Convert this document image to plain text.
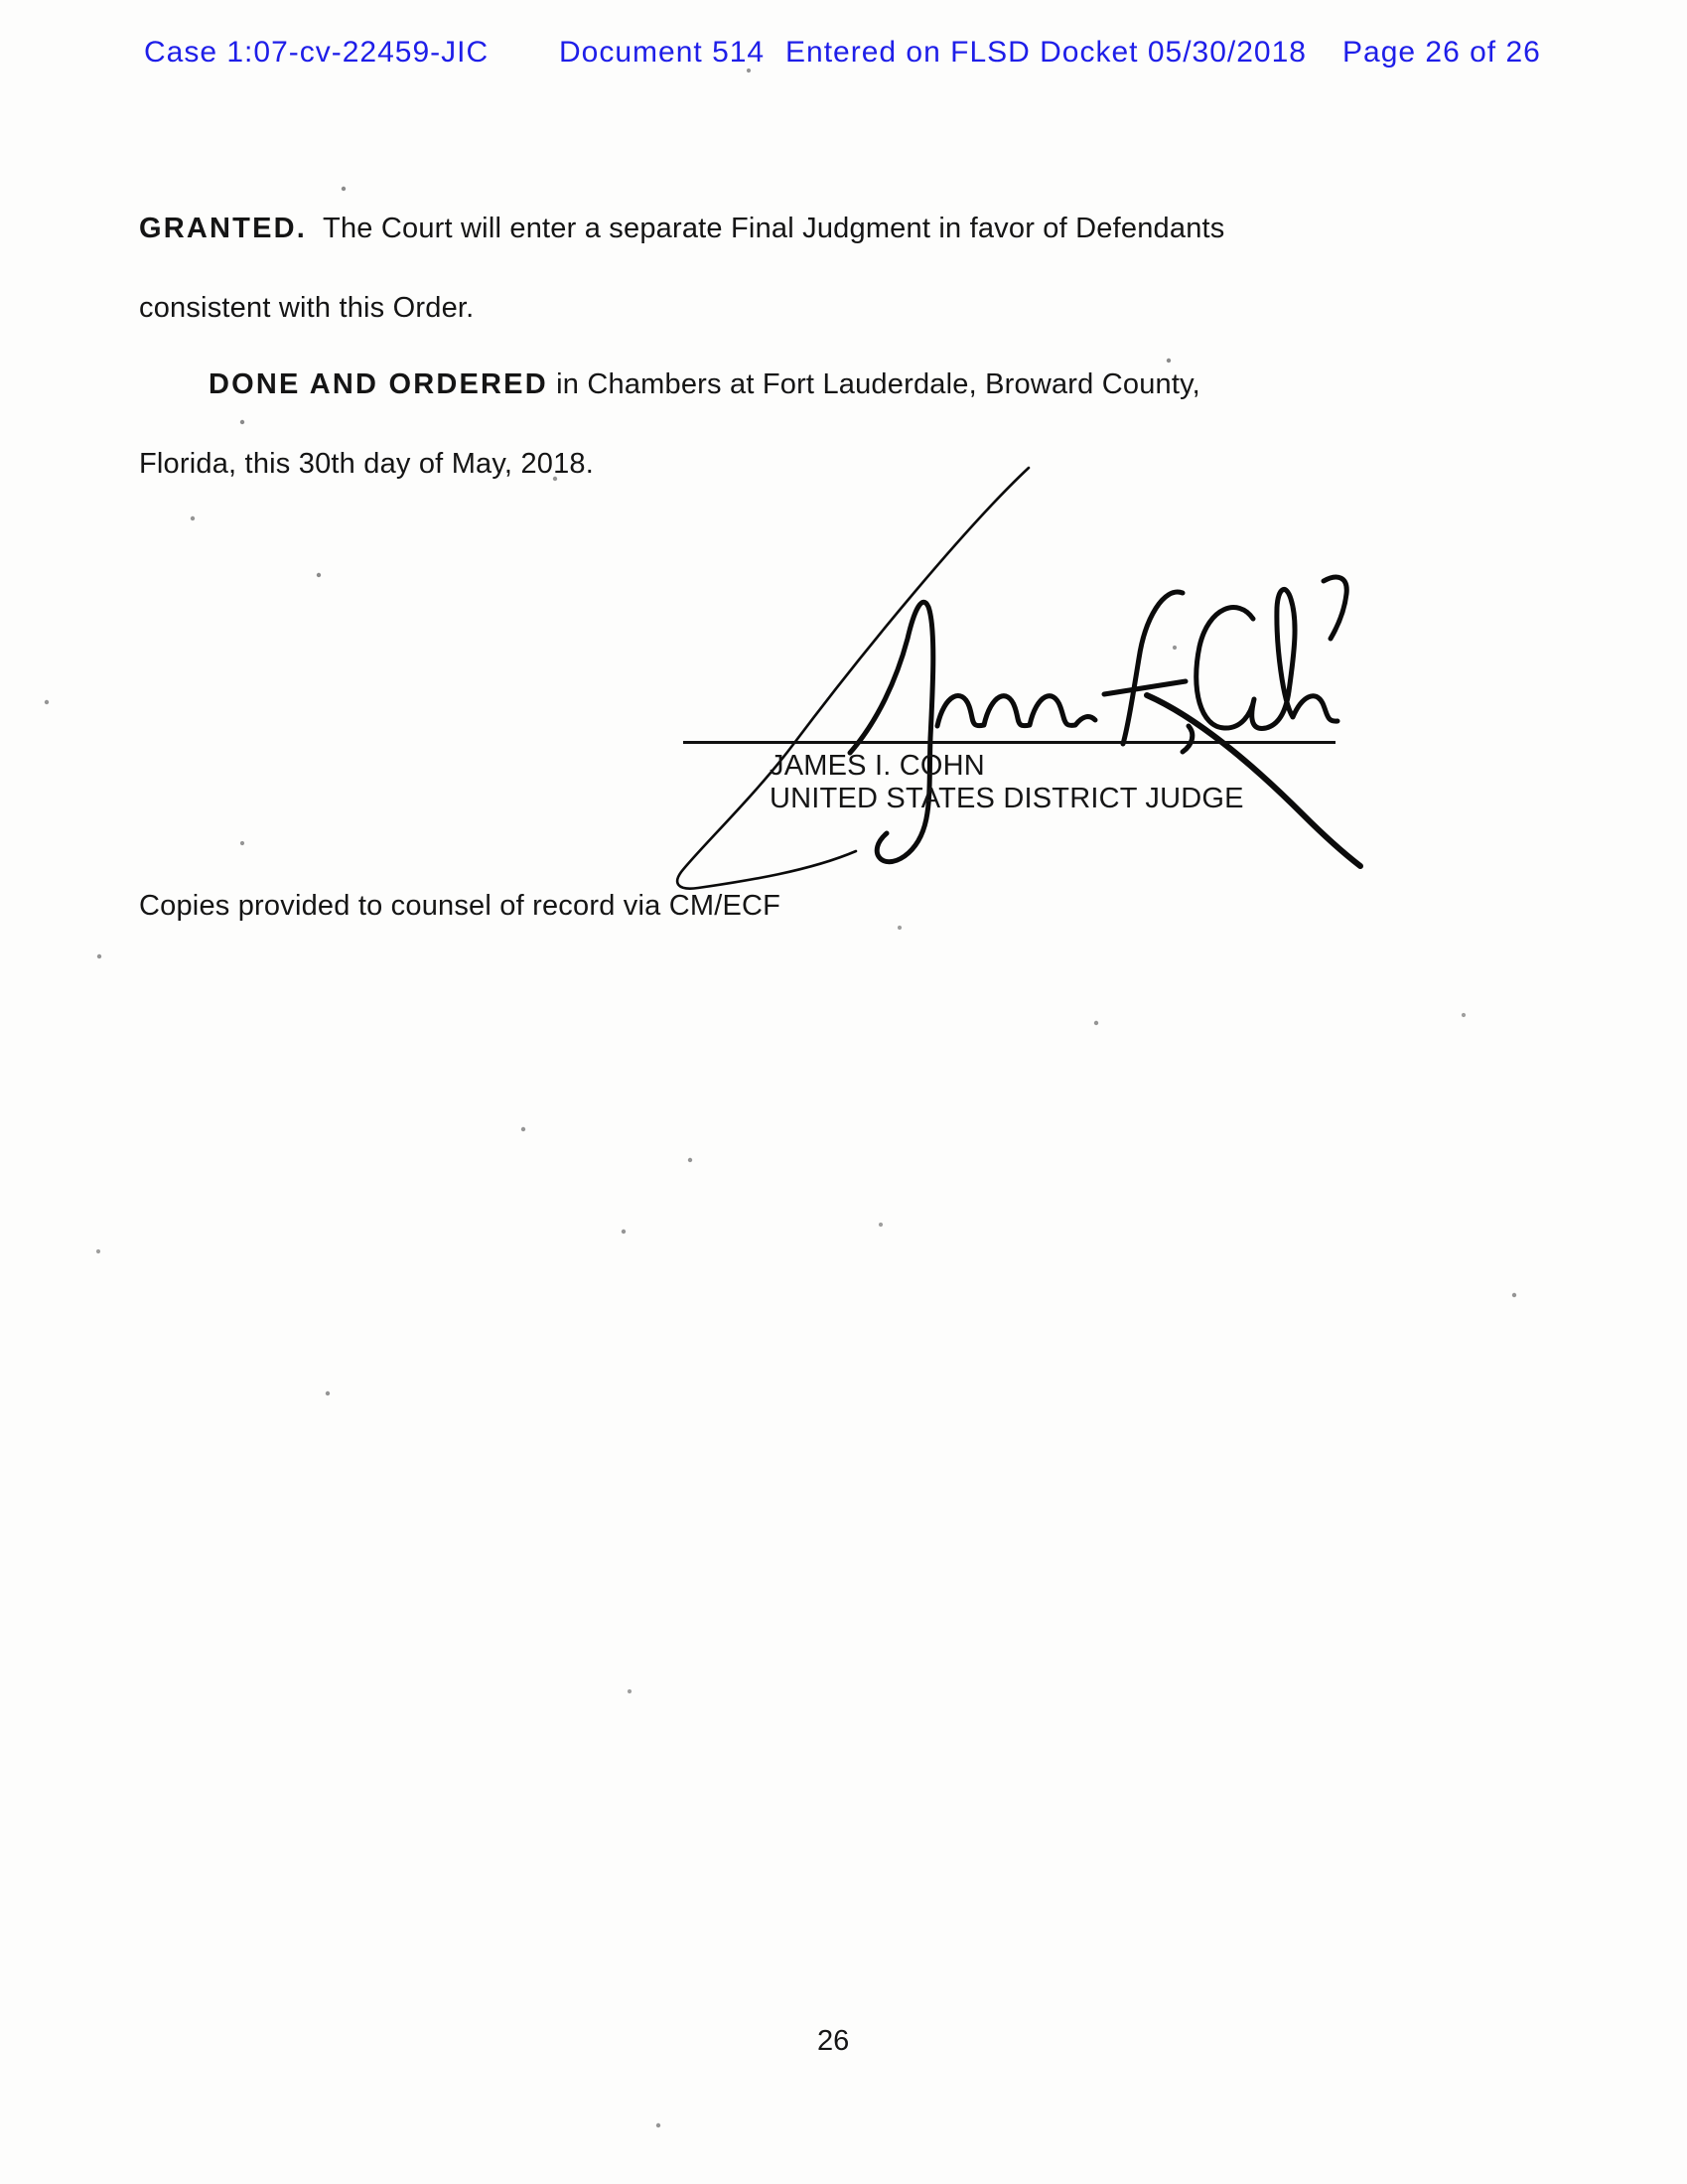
Case 1:07-cv-22459-JIC Document 514 Entered on FLSD Docket 05/30/2018 Page 26 of 26
GRANTED.  The Court will enter a separate Final Judgment in favor of Defendants
consistent with this Order.
DONE AND ORDERED in Chambers at Fort Lauderdale, Broward County,
Florida, this 30th day of May, 2018.
JAMES I. COHN
UNITED STATES DISTRICT JUDGE
Copies provided to counsel of record via CM/ECF
26
